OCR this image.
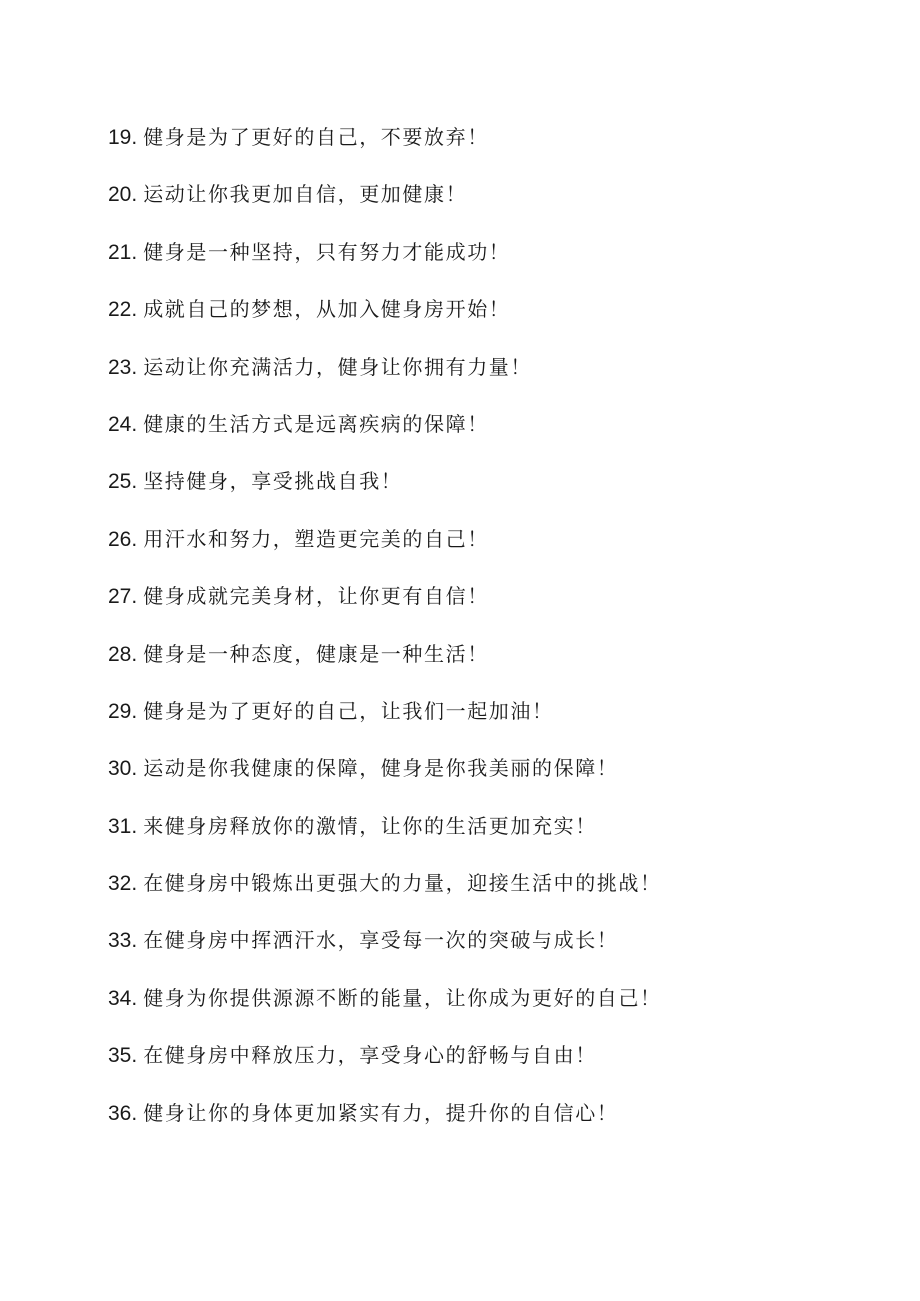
19. 健身是为了更好的自己，不要放弃！
20. 运动让你我更加自信，更加健康！
21. 健身是一种坚持，只有努力才能成功！
22. 成就自己的梦想，从加入健身房开始！
23. 运动让你充满活力，健身让你拥有力量！
24. 健康的生活方式是远离疾病的保障！
25. 坚持健身，享受挑战自我！
26. 用汗水和努力，塑造更完美的自己！
27. 健身成就完美身材，让你更有自信！
28. 健身是一种态度，健康是一种生活！
29. 健身是为了更好的自己，让我们一起加油！
30. 运动是你我健康的保障，健身是你我美丽的保障！
31. 来健身房释放你的激情，让你的生活更加充实！
32. 在健身房中锻炼出更强大的力量，迎接生活中的挑战！
33. 在健身房中挥洒汗水，享受每一次的突破与成长！
34. 健身为你提供源源不断的能量，让你成为更好的自己！
35. 在健身房中释放压力，享受身心的舒畅与自由！
36. 健身让你的身体更加紧实有力，提升你的自信心！
